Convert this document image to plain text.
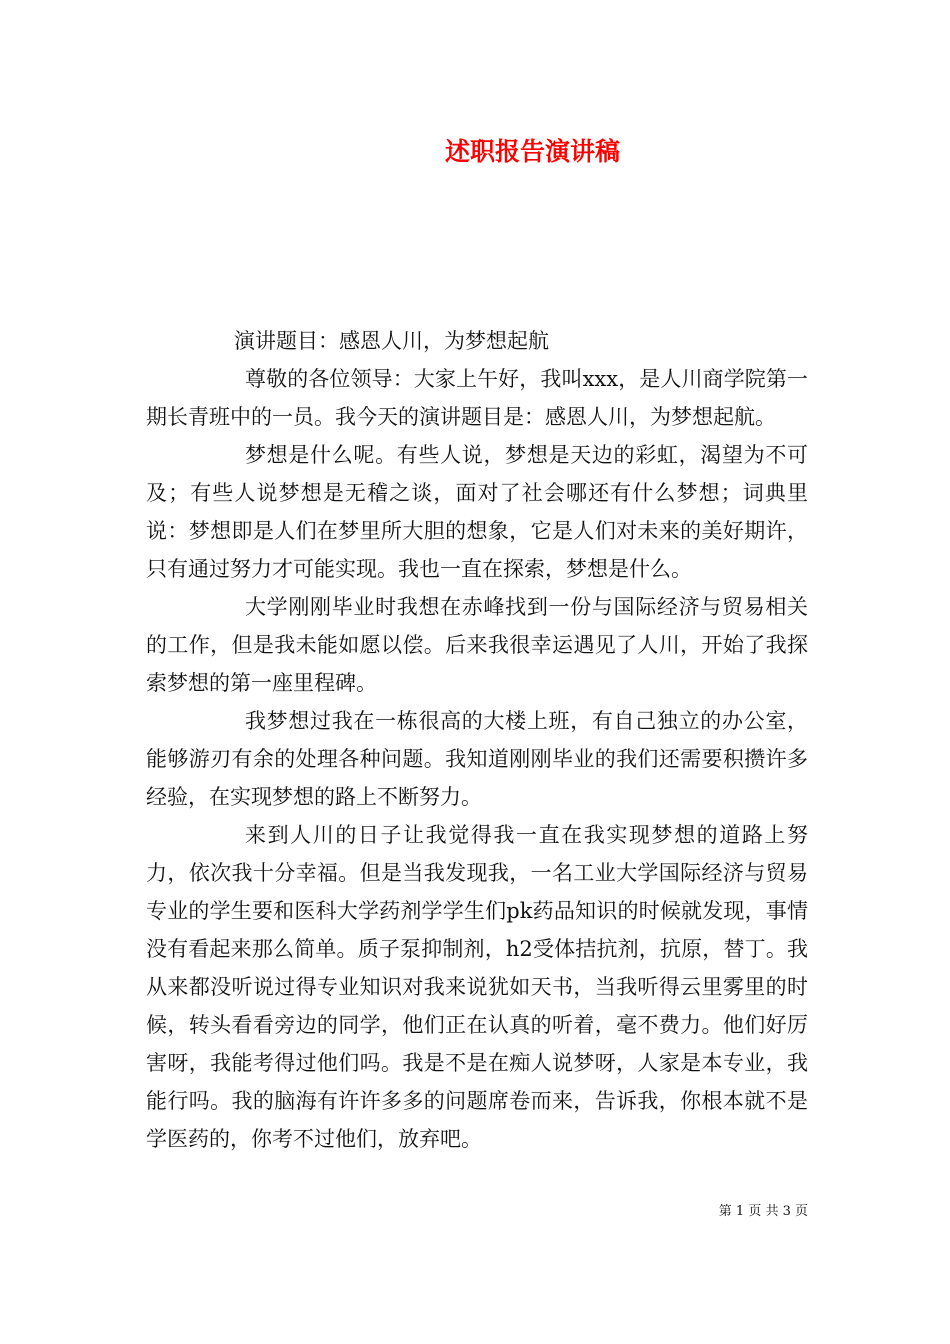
述职报告演讲稿

演讲题目：感恩人川，为梦想起航

尊敬的各位领导：大家上午好，我叫xxx，是人川商学院第一期长青班中的一员。我今天的演讲题目是：感恩人川，为梦想起航。

梦想是什么呢。有些人说，梦想是天边的彩虹，渴望为不可及；有些人说梦想是无稽之谈，面对了社会哪还有什么梦想；词典里说：梦想即是人们在梦里所大胆的想象，它是人们对未来的美好期许，只有通过努力才可能实现。我也一直在探索，梦想是什么。

大学刚刚毕业时我想在赤峰找到一份与国际经济与贸易相关的工作，但是我未能如愿以偿。后来我很幸运遇见了人川，开始了我探索梦想的第一座里程碑。

我梦想过我在一栋很高的大楼上班，有自己独立的办公室，能够游刃有余的处理各种问题。我知道刚刚毕业的我们还需要积攒许多经验，在实现梦想的路上不断努力。

来到人川的日子让我觉得我一直在我实现梦想的道路上努力，依次我十分幸福。但是当我发现我，一名工业大学国际经济与贸易专业的学生要和医科大学药剂学学生们pk药品知识的时候就发现，事情没有看起来那么简单。质子泵抑制剂，h2受体拮抗剂，抗原，替丁。我从来都没听说过得专业知识对我来说犹如天书，当我听得云里雾里的时候，转头看看旁边的同学，他们正在认真的听着，毫不费力。他们好厉害呀，我能考得过他们吗。我是不是在痴人说梦呀，人家是本专业，我能行吗。我的脑海有许许多多的问题席卷而来，告诉我，你根本就不是学医药的，你考不过他们，放弃吧。

第 1 页 共 3 页
